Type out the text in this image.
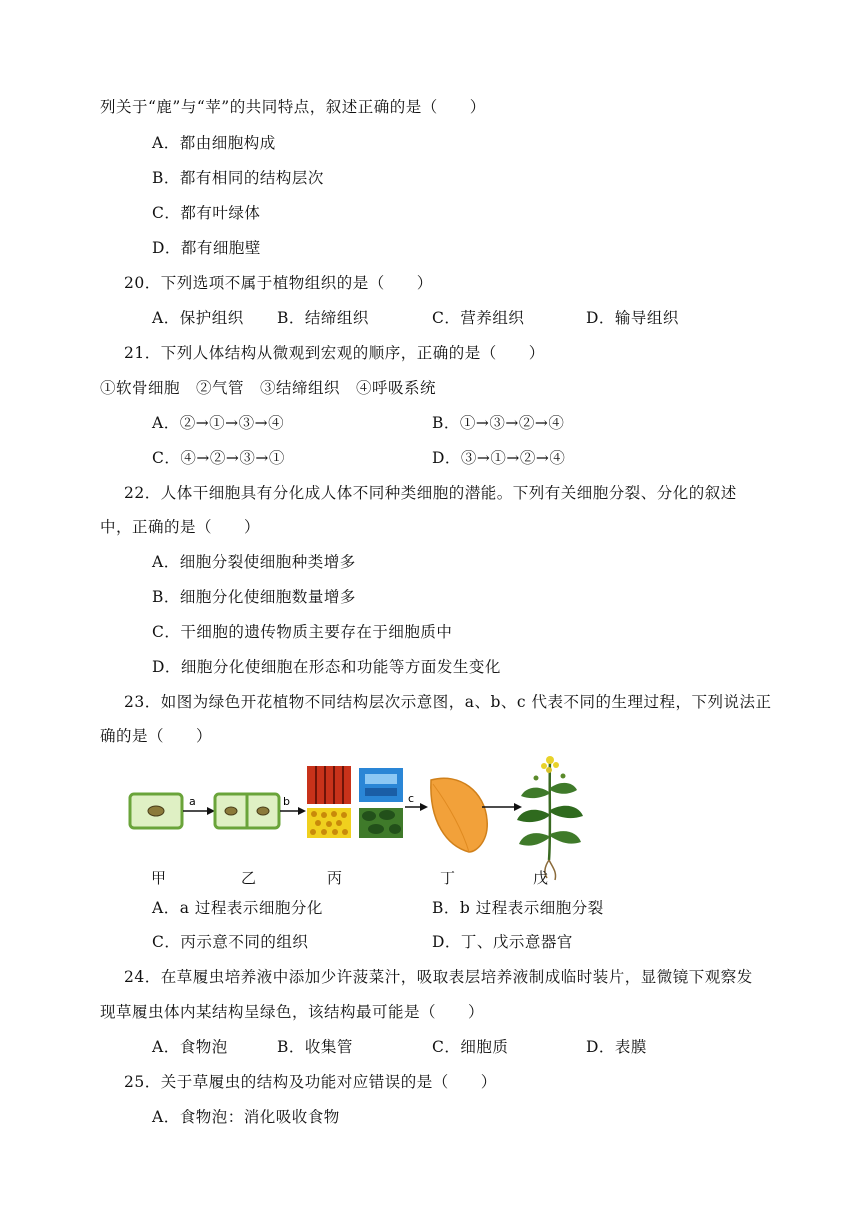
列关于“鹿”与“苹”的共同特点，叙述正确的是（　　）
A．都由细胞构成
B．都有相同的结构层次
C．都有叶绿体
D．都有细胞壁
20．下列选项不属于植物组织的是（　　）
A．保护组织 B．结缔组织	C．营养组织	D．输导组织
21．下列人体结构从微观到宏观的顺序，正确的是（　　）
①软骨细胞　②气管　③结缔组织　④呼吸系统
A．②→①→③→④	B．①→③→②→④
C．④→②→③→①	D．③→①→②→④
22．人体干细胞具有分化成人体不同种类细胞的潜能。下列有关细胞分裂、分化的叙述
中，正确的是（　　）
A．细胞分裂使细胞种类增多
B．细胞分化使细胞数量增多
C．干细胞的遗传物质主要存在于细胞质中
D．细胞分化使细胞在形态和功能等方面发生变化
23．如图为绿色开花植物不同结构层次示意图，a、b、c 代表不同的生理过程，下列说法正
确的是（　　）
a	b	c
甲	乙	丙	丁	戊
A．a 过程表示细胞分化	B．b 过程表示细胞分裂
C．丙示意不同的组织	D．丁、戊示意器官
24．在草履虫培养液中添加少许菠菜汁，吸取表层培养液制成临时装片，显微镜下观察发
现草履虫体内某结构呈绿色，该结构最可能是（　　）
A．食物泡	B．收集管	C．细胞质	D．表膜
25．关于草履虫的结构及功能对应错误的是（　　）
A．食物泡：消化吸收食物
